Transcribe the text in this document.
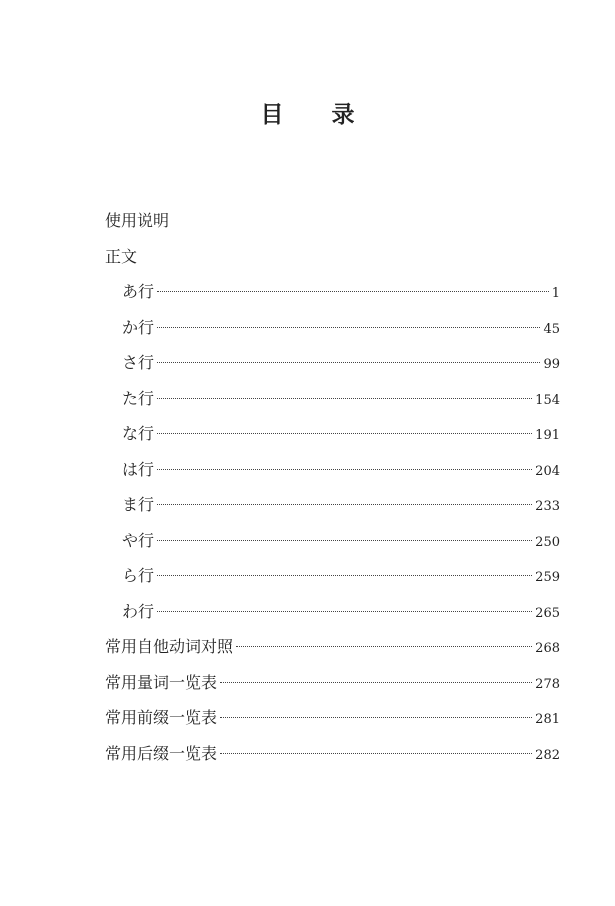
目 录
使用说明
正文
あ行	1
か行	45
さ行	99
た行	154
な行	191
は行	204
ま行	233
や行	250
ら行	259
わ行	265
常用自他动词对照	268
常用量词一览表	278
常用前缀一览表	281
常用后缀一览表	282
